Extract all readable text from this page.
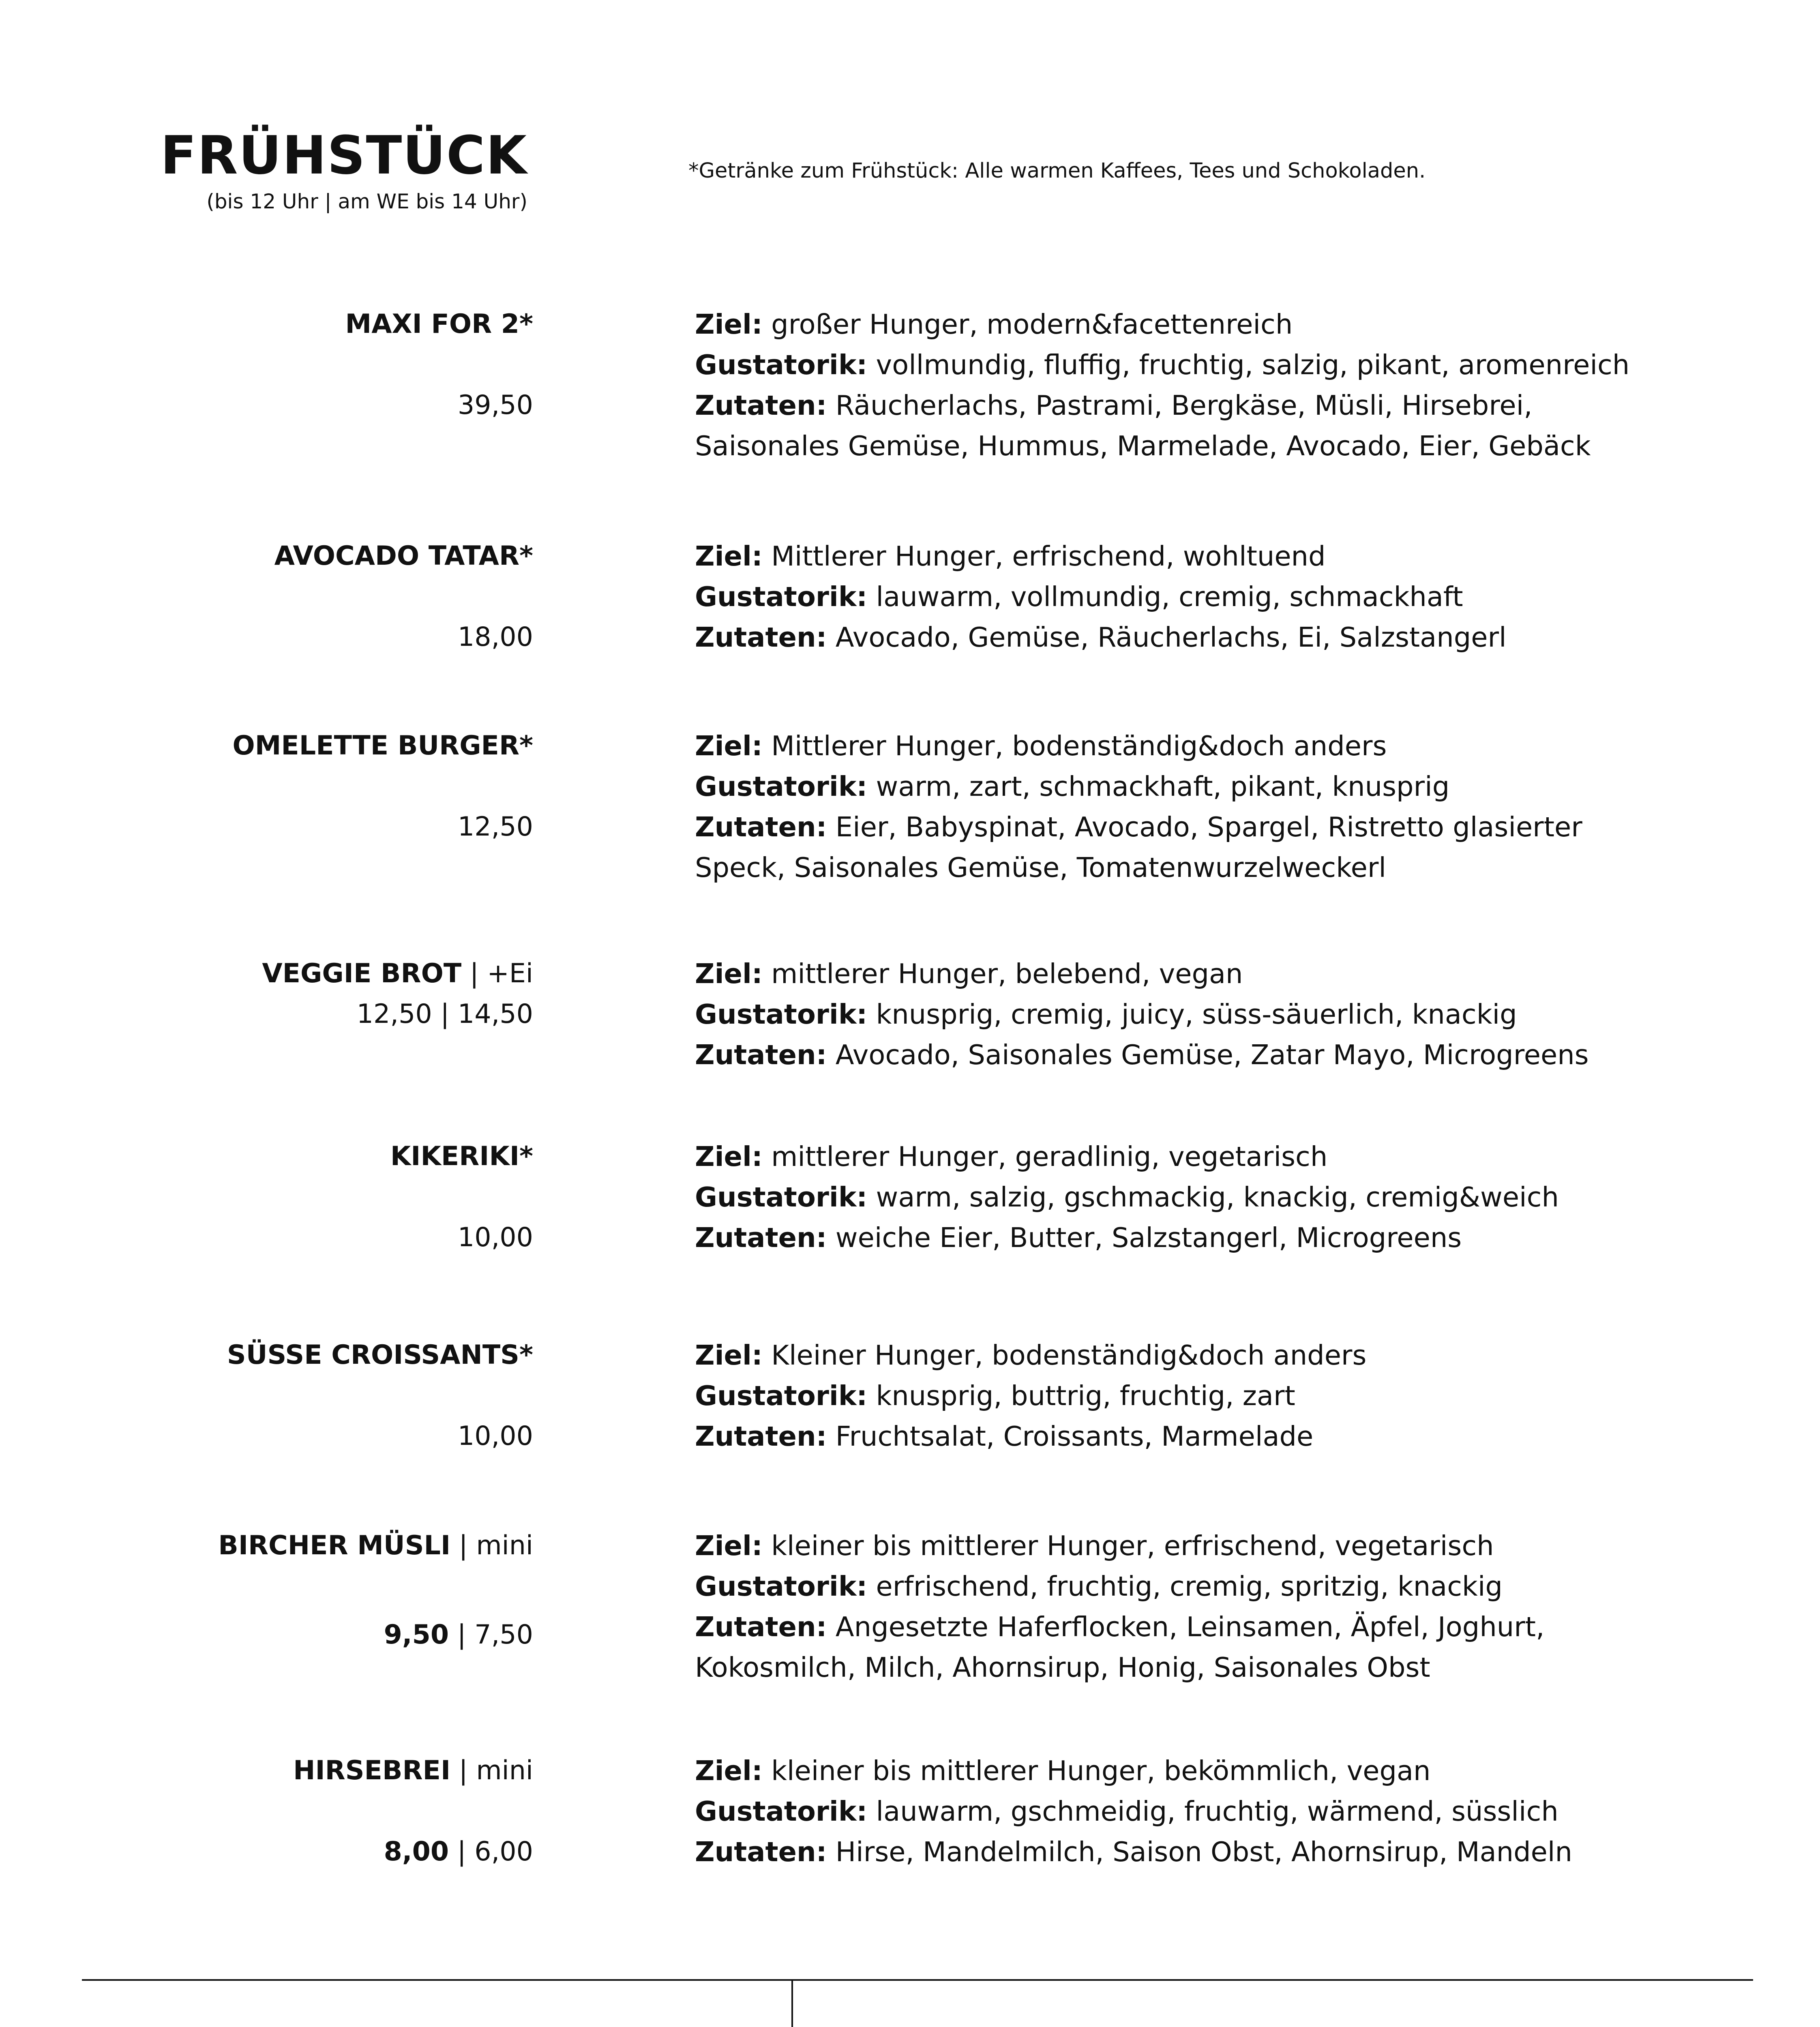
FRÜHSTÜCK
(bis 12 Uhr | am WE bis 14 Uhr)
*Getränke zum Frühstück: Alle warmen Kaffees, Tees und Schokoladen.
MAXI FOR 2*
39,50
Ziel: großer Hunger, modern&facettenreich
Gustatorik: vollmundig, fluffig, fruchtig, salzig, pikant, aromenreich
Zutaten: Räucherlachs, Pastrami, Bergkäse, Müsli, Hirsebrei,
Saisonales Gemüse, Hummus, Marmelade, Avocado, Eier, Gebäck
AVOCADO TATAR*
18,00
Ziel: Mittlerer Hunger, erfrischend, wohltuend
Gustatorik: lauwarm, vollmundig, cremig, schmackhaft
Zutaten: Avocado, Gemüse, Räucherlachs, Ei, Salzstangerl
OMELETTE BURGER*
12,50
Ziel: Mittlerer Hunger, bodenständig&doch anders
Gustatorik: warm, zart, schmackhaft, pikant, knusprig
Zutaten: Eier, Babyspinat, Avocado, Spargel, Ristretto glasierter
Speck, Saisonales Gemüse, Tomatenwurzelweckerl
VEGGIE BROT | +Ei
12,50 | 14,50
Ziel: mittlerer Hunger, belebend, vegan
Gustatorik: knusprig, cremig, juicy, süss-säuerlich, knackig
Zutaten: Avocado, Saisonales Gemüse, Zatar Mayo, Microgreens
KIKERIKI*
10,00
Ziel: mittlerer Hunger, geradlinig, vegetarisch
Gustatorik: warm, salzig, gschmackig, knackig, cremig&weich
Zutaten: weiche Eier, Butter, Salzstangerl, Microgreens
SÜSSE CROISSANTS*
10,00
Ziel: Kleiner Hunger, bodenständig&doch anders
Gustatorik: knusprig, buttrig, fruchtig, zart
Zutaten: Fruchtsalat, Croissants, Marmelade
BIRCHER MÜSLI | mini
9,50 | 7,50
Ziel: kleiner bis mittlerer Hunger, erfrischend, vegetarisch
Gustatorik: erfrischend, fruchtig, cremig, spritzig, knackig
Zutaten: Angesetzte Haferflocken, Leinsamen, Äpfel, Joghurt,
Kokosmilch, Milch, Ahornsirup, Honig, Saisonales Obst
HIRSEBREI | mini
8,00 | 6,00
Ziel: kleiner bis mittlerer Hunger, bekömmlich, vegan
Gustatorik: lauwarm, gschmeidig, fruchtig, wärmend, süsslich
Zutaten: Hirse, Mandelmilch, Saison Obst, Ahornsirup, Mandeln
